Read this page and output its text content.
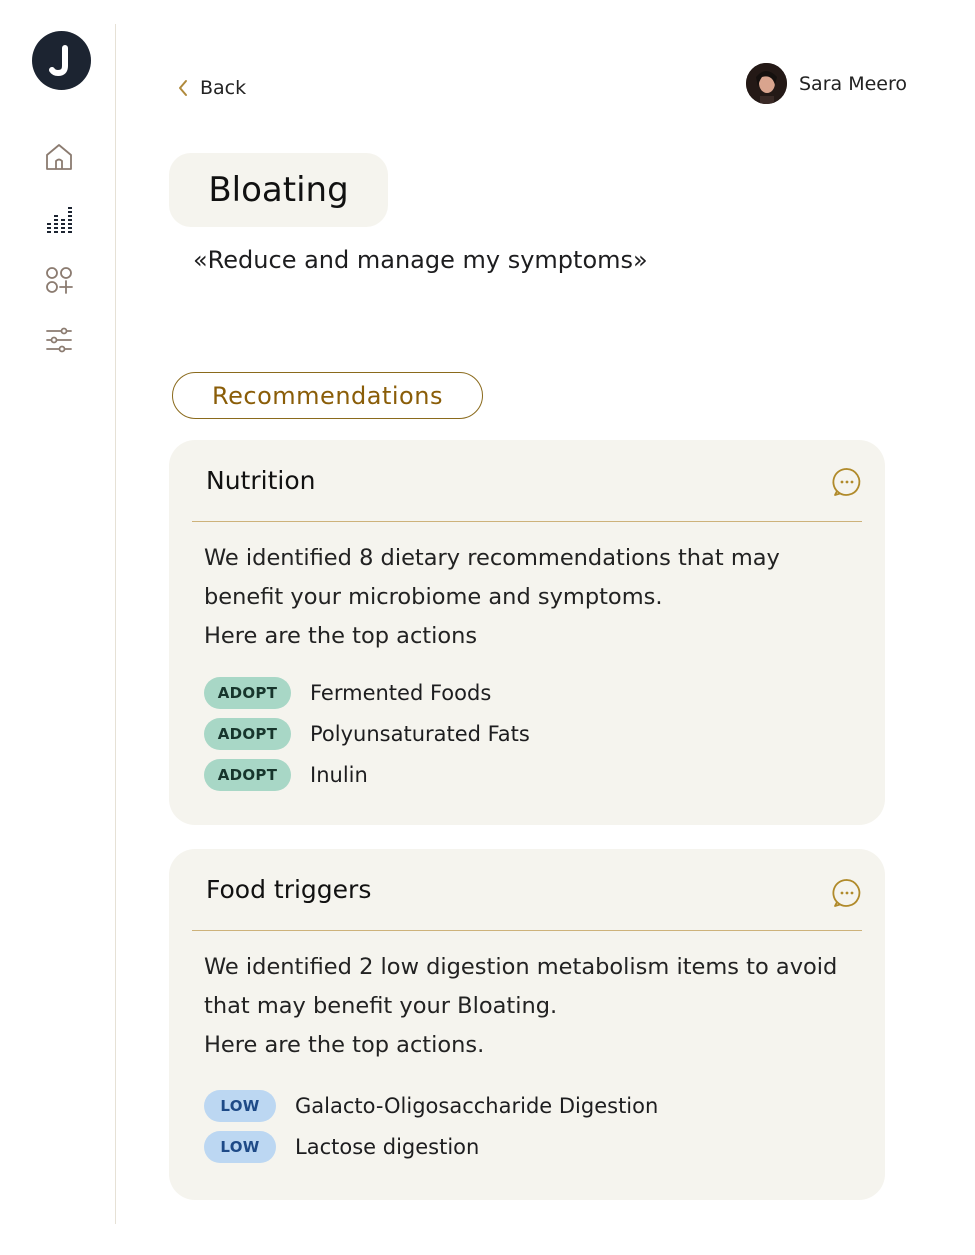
Back	Sara Meero
Bloating
«Reduce and manage my symptoms»
Recommendations
Nutrition
We identified 8 dietary recommendations that may
benefit your microbiome and symptoms.
Here are the top actions
ADOPT	Fermented Foods
ADOPT	Polyunsaturated Fats
ADOPT	Inulin
Food triggers
We identified 2 low digestion metabolism items to avoid
that may benefit your Bloating.
Here are the top actions.
LOW	Galacto-Oligosaccharide Digestion
LOW	Lactose digestion
